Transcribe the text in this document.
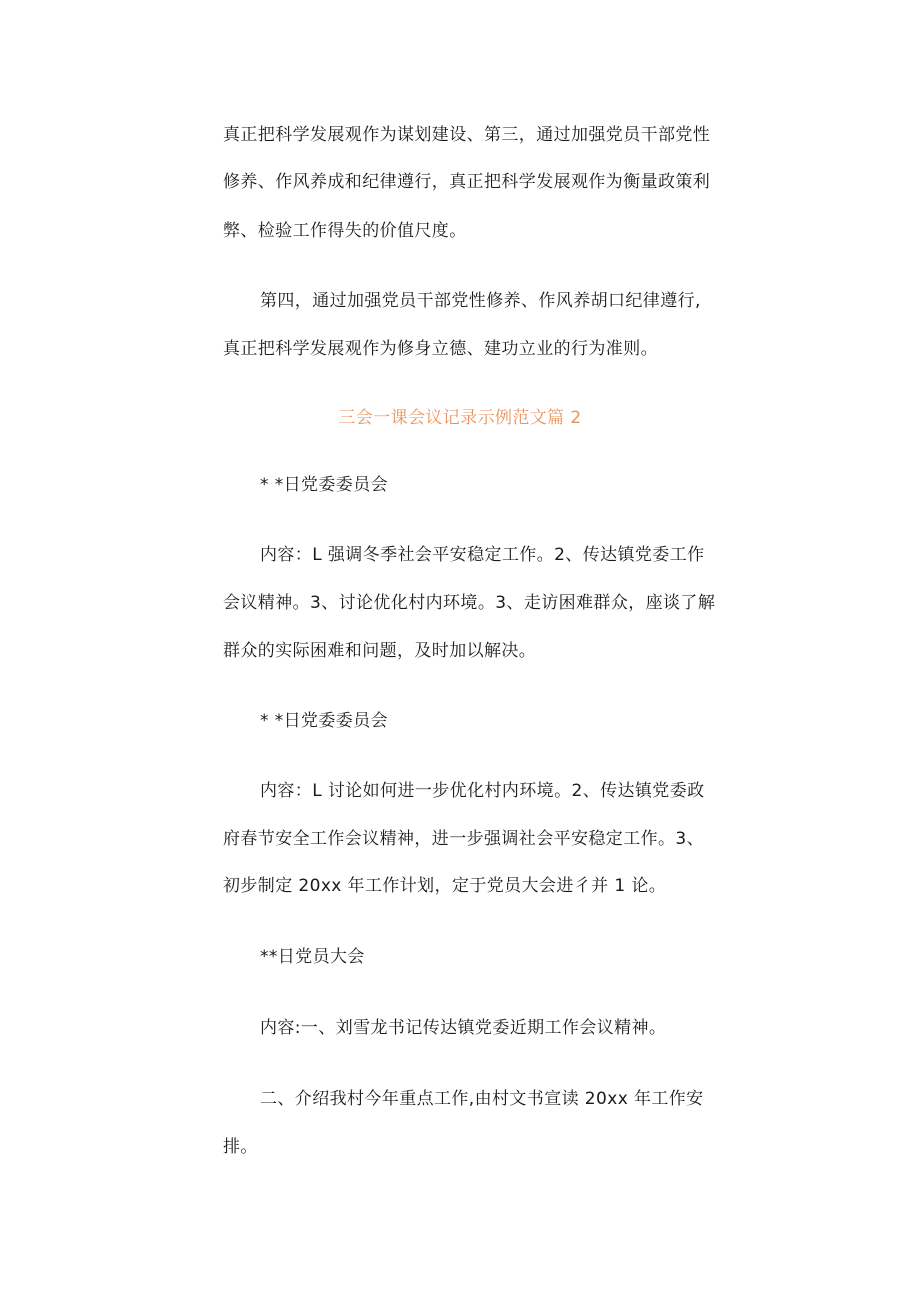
真正把科学发展观作为谋划建设、第三，通过加强党员干部党性
修养、作风养成和纪律遵行，真正把科学发展观作为衡量政策利
弊、检验工作得失的价值尺度。
第四，通过加强党员干部党性修养、作风养胡口纪律遵行,
真正把科学发展观作为修身立德、建功立业的行为准则。
三会一课会议记录示例范文篇 2
* *日党委委员会
内容：L 强调冬季社会平安稳定工作。2、传达镇党委工作
会议精神。3、讨论优化村内环境。3、走访困难群众，座谈了解
群众的实际困难和问题，及时加以解决。
* *日党委委员会
内容：L 讨论如何进一步优化村内环境。2、传达镇党委政
府春节安全工作会议精神，进一步强调社会平安稳定工作。3、
初步制定 20xx 年工作计划，定于党员大会进彳并 1 论。
**日党员大会
内容:一、刘雪龙书记传达镇党委近期工作会议精神。
二、介绍我村今年重点工作,由村文书宣读 20xx 年工作安
排。
